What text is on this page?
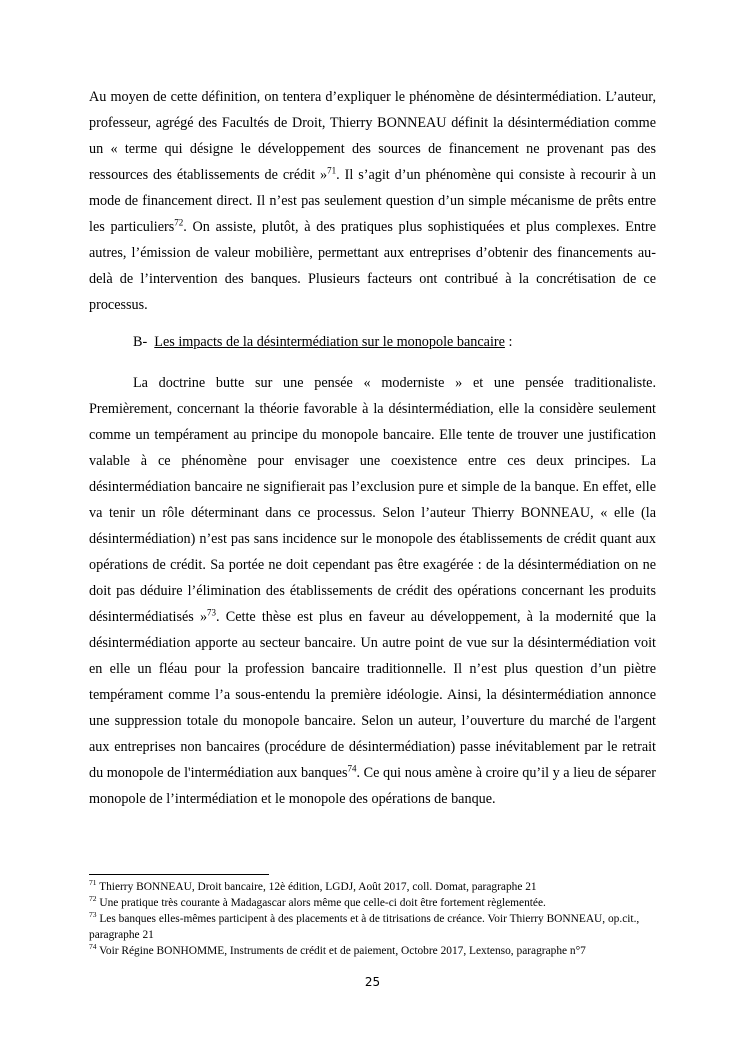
Au moyen de cette définition, on tentera d’expliquer le phénomène de désintermédiation. L’auteur, professeur, agrégé des Facultés de Droit, Thierry BONNEAU définit la désintermédiation comme un « terme qui désigne le développement des sources de financement ne provenant pas des ressources des établissements de crédit »$^{71}$. Il s’agit d’un phénomène qui consiste à recourir à un mode de financement direct. Il n’est pas seulement question d’un simple mécanisme de prêts entre les particuliers$^{72}$. On assiste, plutôt, à des pratiques plus sophistiquées et plus complexes. Entre autres, l’émission de valeur mobilière, permettant aux entreprises d’obtenir des financements au-delà de l’intervention des banques. Plusieurs facteurs ont contribué à la concrétisation de ce processus.

B- Les impacts de la désintermédiation sur le monopole bancaire :

La doctrine butte sur une pensée « moderniste » et une pensée traditionaliste. Premièrement, concernant la théorie favorable à la désintermédiation, elle la considère seulement comme un tempérament au principe du monopole bancaire. Elle tente de trouver une justification valable à ce phénomène pour envisager une coexistence entre ces deux principes. La désintermédiation bancaire ne signifierait pas l’exclusion pure et simple de la banque. En effet, elle va tenir un rôle déterminant dans ce processus. Selon l’auteur Thierry BONNEAU, « elle (la désintermédiation) n’est pas sans incidence sur le monopole des établissements de crédit quant aux opérations de crédit. Sa portée ne doit cependant pas être exagérée : de la désintermédiation on ne doit pas déduire l’élimination des établissements de crédit des opérations concernant les produits désintermédiatisés »$^{73}$. Cette thèse est plus en faveur au développement, à la modernité que la désintermédiation apporte au secteur bancaire. Un autre point de vue sur la désintermédiation voit en elle un fléau pour la profession bancaire traditionnelle. Il n’est plus question d’un piètre tempérament comme l’a sous-entendu la première idéologie. Ainsi, la désintermédiation annonce une suppression totale du monopole bancaire. Selon un auteur, l’ouverture du marché de l'argent aux entreprises non bancaires (procédure de désintermédiation) passe inévitablement par le retrait du monopole de l'intermédiation aux banques$^{74}$. Ce qui nous amène à croire qu’il y a lieu de séparer monopole de l’intermédiation et le monopole des opérations de banque.

$^{71}$ Thierry BONNEAU, Droit bancaire, 12è édition, LGDJ, Août 2017, coll. Domat, paragraphe 21

$^{72}$ Une pratique très courante à Madagascar alors même que celle-ci doit être fortement règlementée.

$^{73}$ Les banques elles-mêmes participent à des placements et à de titrisations de créance. Voir Thierry BONNEAU, op.cit., paragraphe 21

$^{74}$ Voir Régine BONHOMME, Instruments de crédit et de paiement, Octobre 2017, Lextenso, paragraphe n°7

25
